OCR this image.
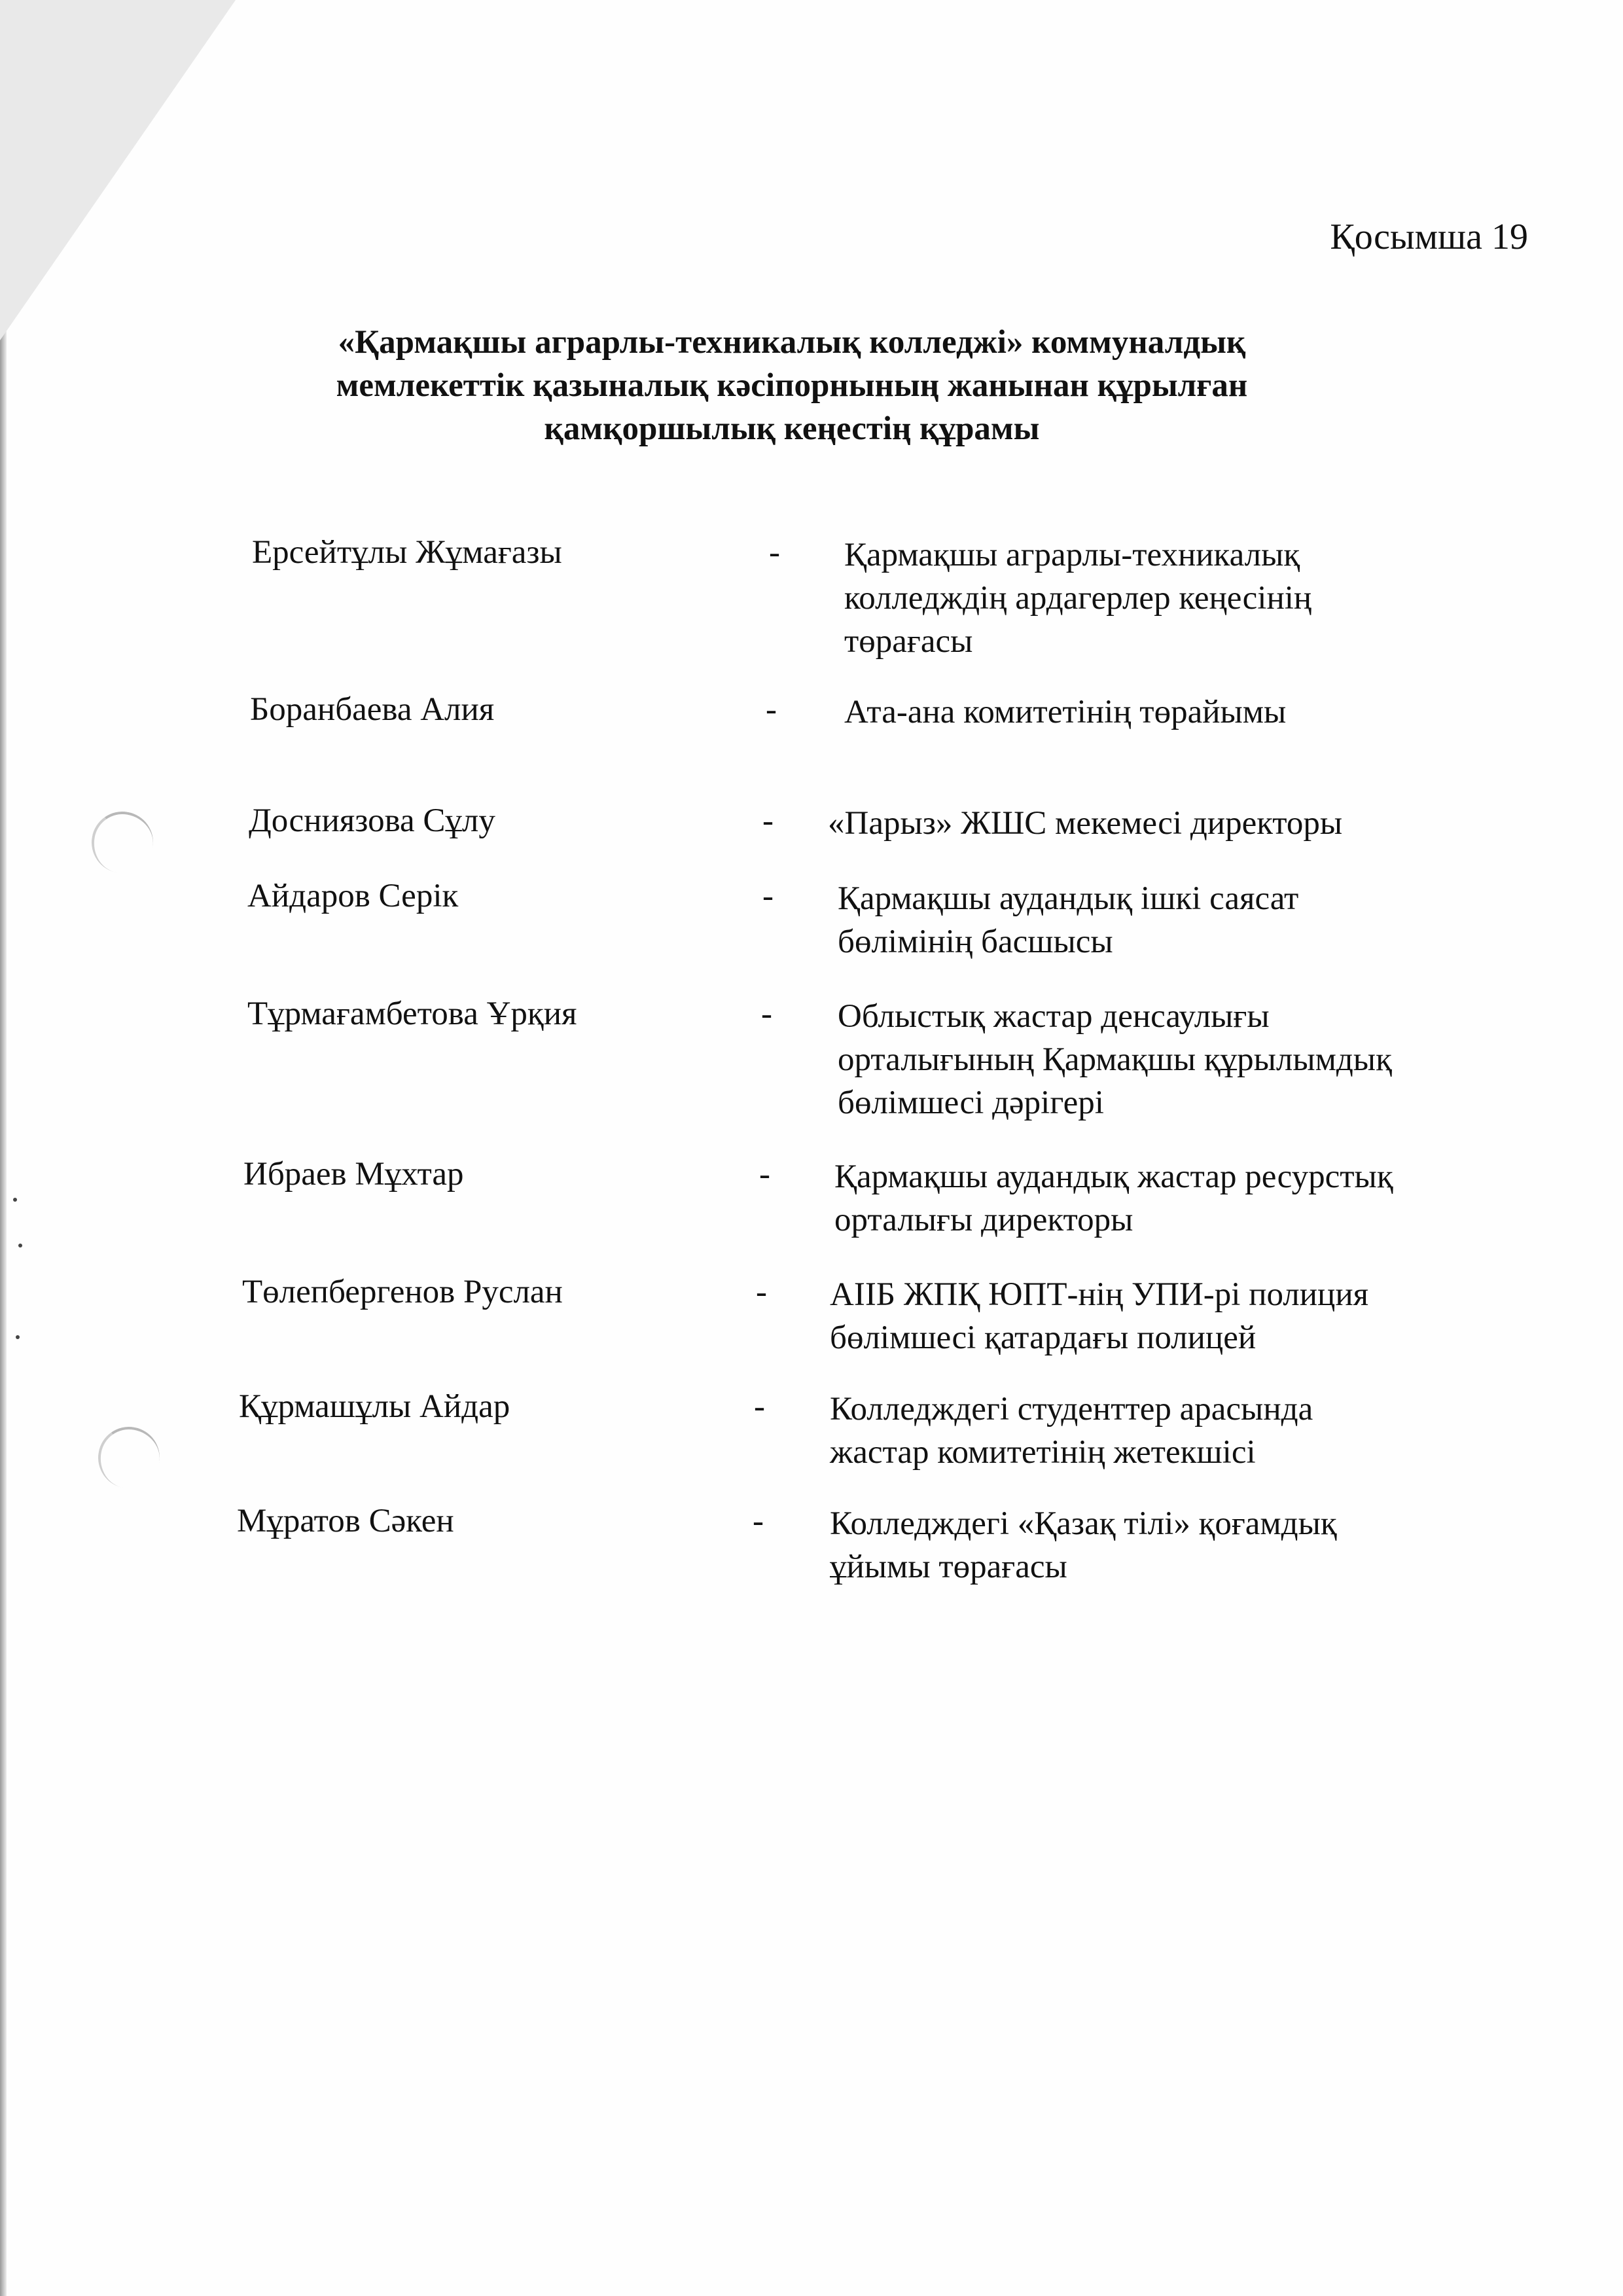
Қосымша 19
«Қармақшы аграрлы-техникалық колледжі» коммуналдық
мемлекеттік қазыналық кәсіпорнының жанынан құрылған
қамқоршылық кеңестің құрамы
Ерсейтұлы Жұмағазы	- Қармақшы аграрлы-техникалық
колледждің ардагерлер кеңесінің
төрағасы
Боранбаева Алия	- Ата-ана комитетінің төрайымы
Досниязова Сұлу	- «Парыз» ЖШС мекемесі директоры
Айдаров Серік	- Қармақшы аудандық ішкі саясат
бөлімінің басшысы
Тұрмағамбетова Ұрқия	- Облыстық жастар денсаулығы
орталығының Қармақшы құрылымдық
бөлімшесі дәрігері
Ибраев Мұхтар	- Қармақшы аудандық жастар ресурстық
орталығы директоры
Төлепбергенов Руслан	- АІІБ ЖПҚ ЮПТ-нің УПИ-рі полиция
бөлімшесі қатардағы полицей
Құрмашұлы Айдар	- Колледждегі студенттер арасында
жастар комитетінің жетекшісі
Мұратов Сәкен	- Колледждегі «Қазақ тілі» қоғамдық
ұйымы төрағасы
